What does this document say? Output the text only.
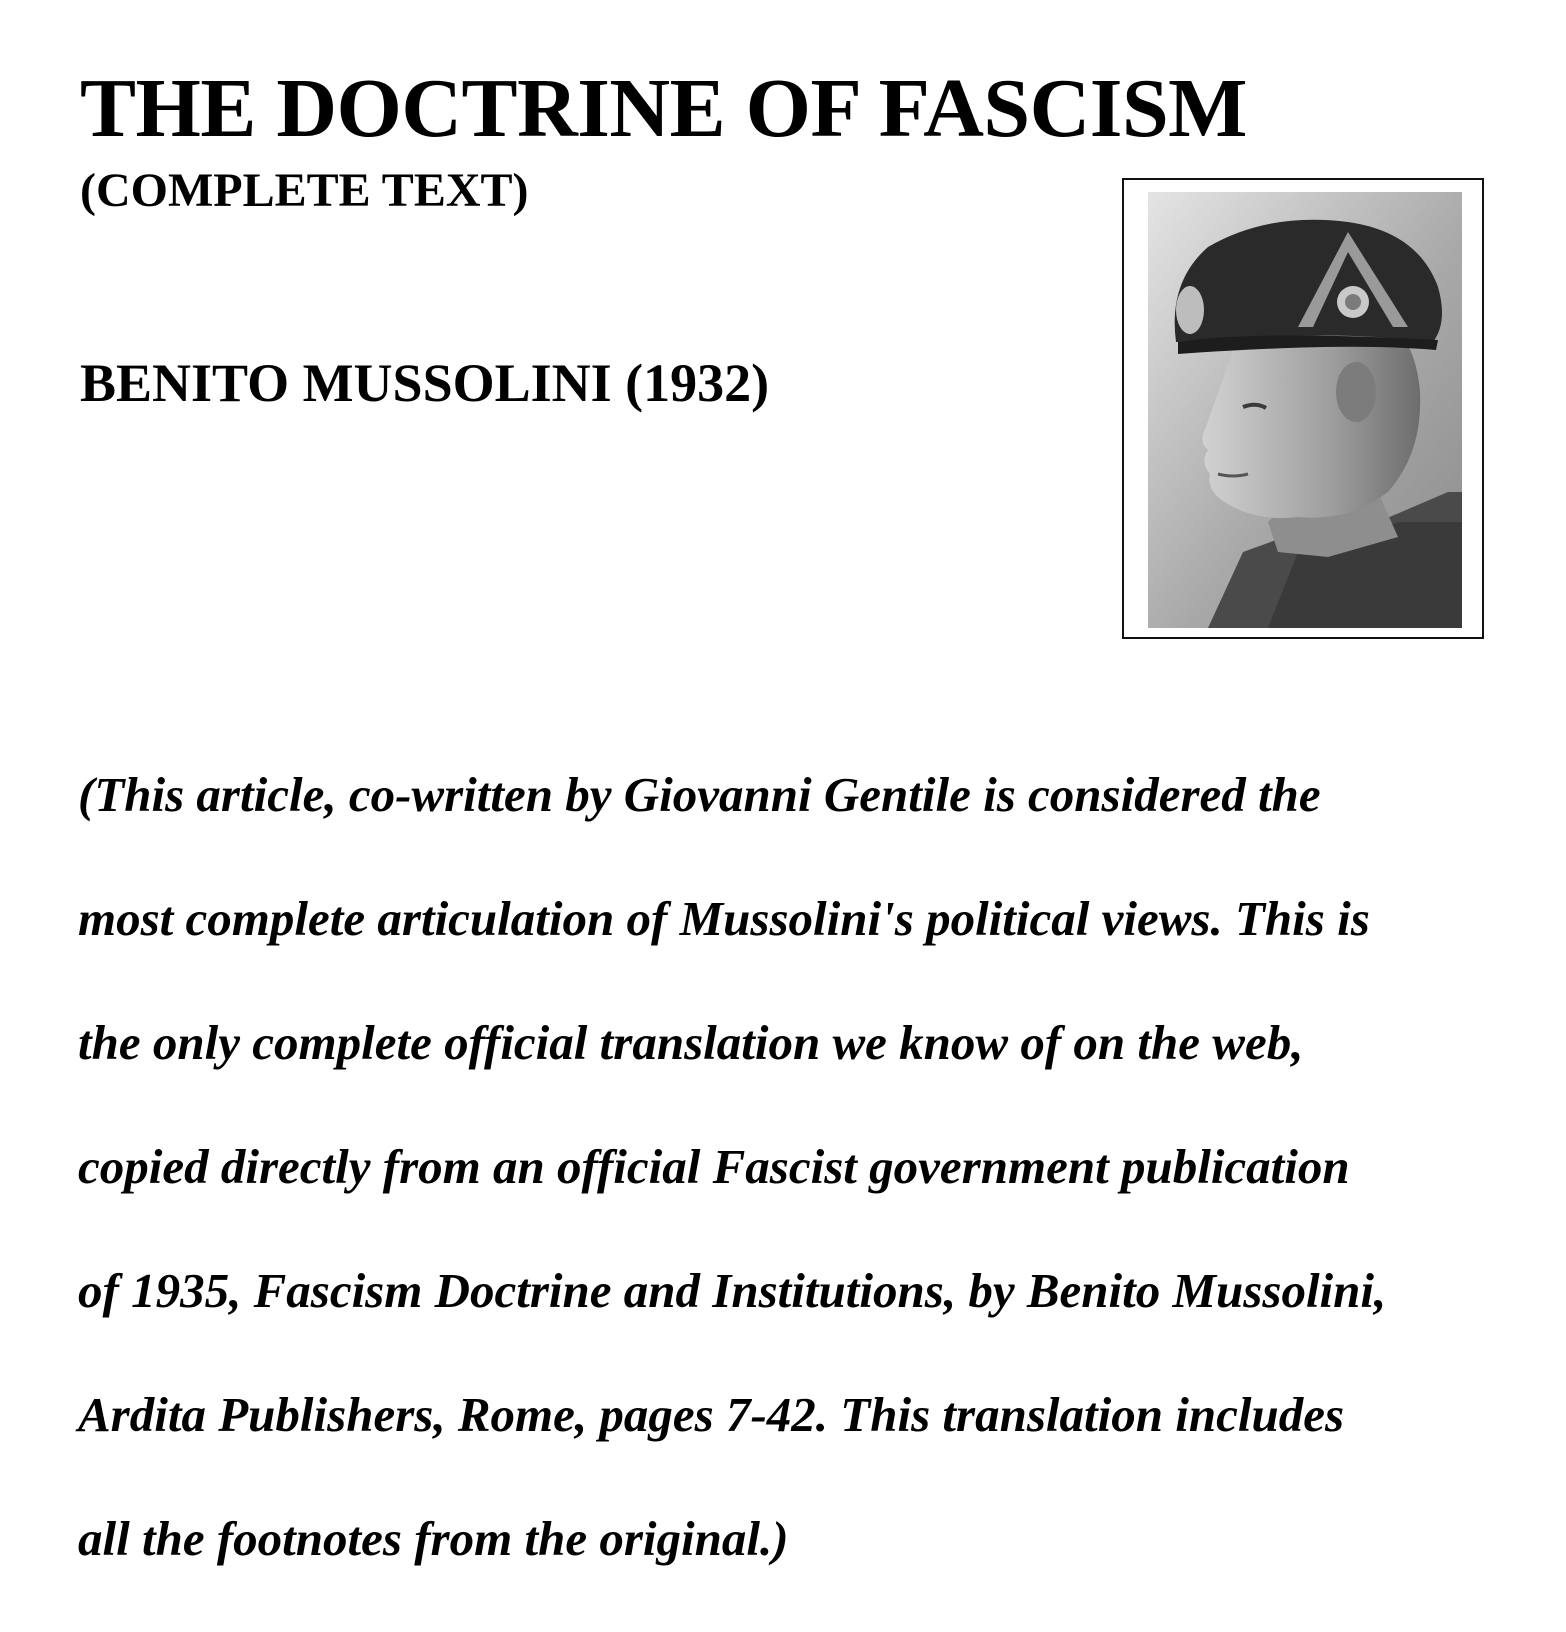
THE DOCTRINE OF FASCISM
(COMPLETE TEXT)
BENITO MUSSOLINI (1932)

(This article, co-written by Giovanni Gentile is considered the

most complete articulation of Mussolini's political views. This is

the only complete official translation we know of on the web,

copied directly from an official Fascist government publication

of 1935, Fascism Doctrine and Institutions, by Benito Mussolini,

Ardita Publishers, Rome, pages 7-42. This translation includes

all the footnotes from the original.)
